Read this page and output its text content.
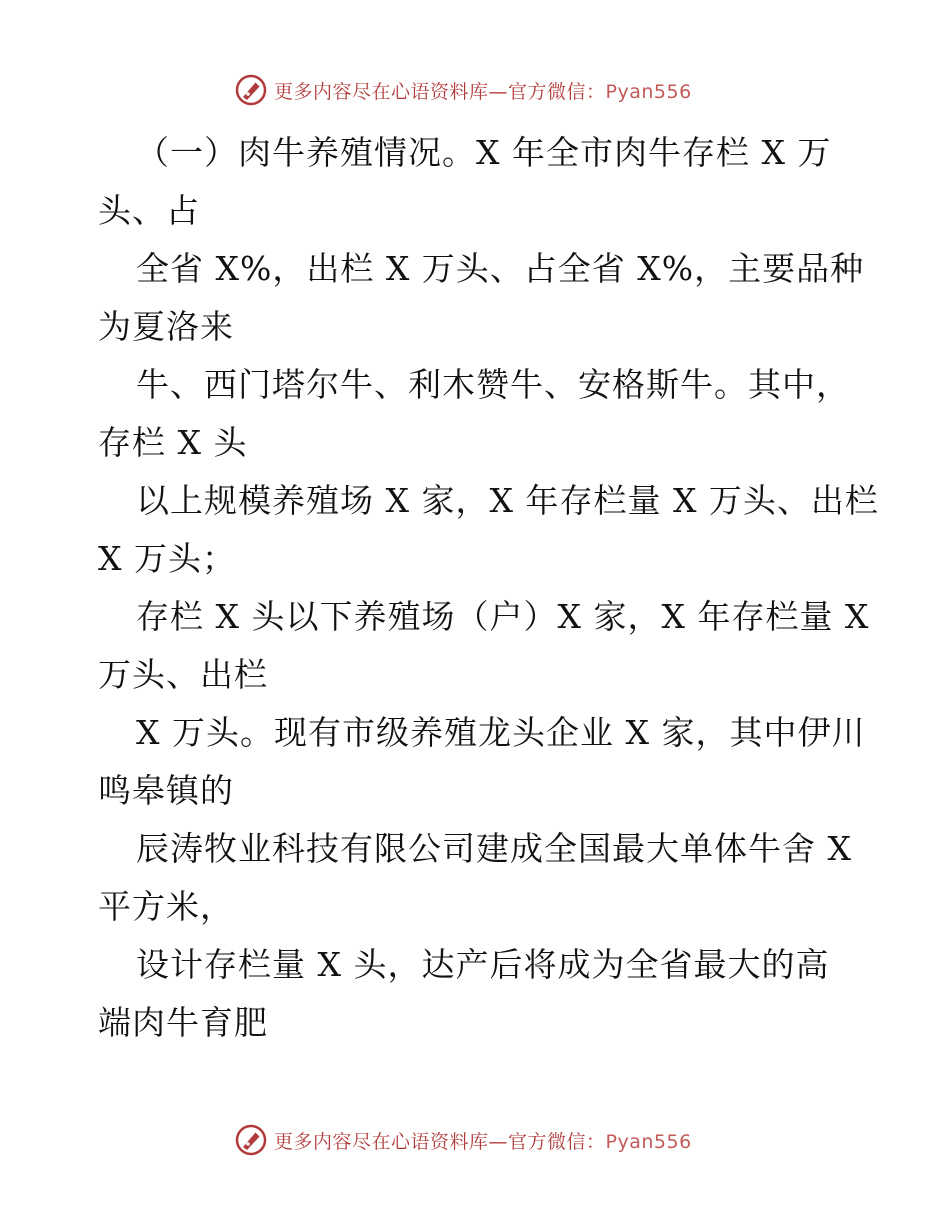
更多内容尽在心语资料库—官方微信：Pyan556
（一）肉牛养殖情况。X 年全市肉牛存栏 X 万
头、占
全省 X%，出栏 X 万头、占全省 X%，主要品种
为夏洛来
牛、西门塔尔牛、利木赞牛、安格斯牛。其中，
存栏 X 头
以上规模养殖场 X 家，X 年存栏量 X 万头、出栏
X 万头；
存栏 X 头以下养殖场（户）X 家，X 年存栏量 X
万头、出栏
X 万头。现有市级养殖龙头企业 X 家，其中伊川
鸣皋镇的
辰涛牧业科技有限公司建成全国最大单体牛舍 X
平方米，
设计存栏量 X 头，达产后将成为全省最大的高
端肉牛育肥
更多内容尽在心语资料库—官方微信：Pyan556
